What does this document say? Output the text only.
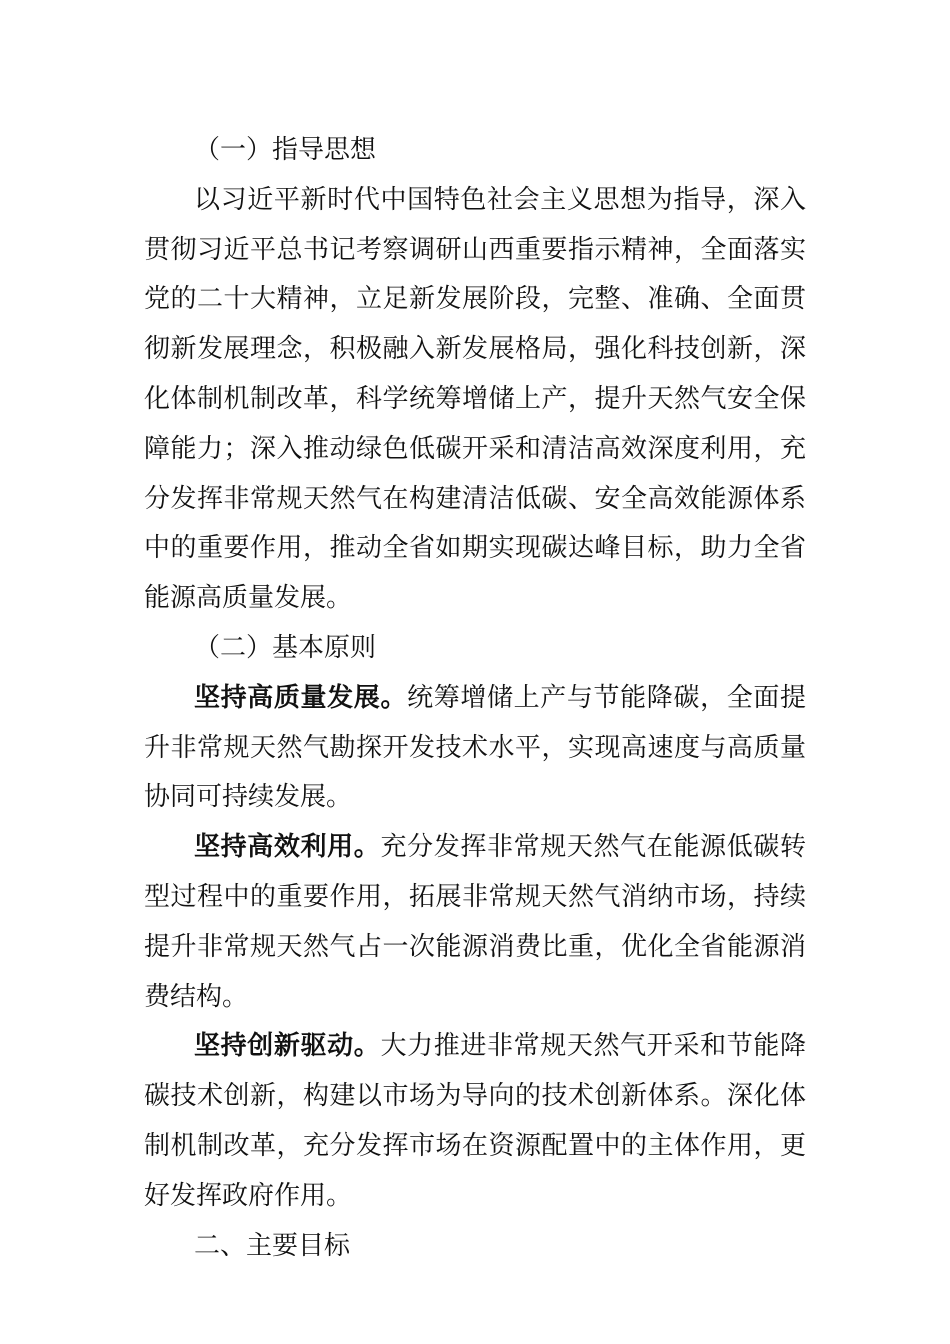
（一）指导思想

以习近平新时代中国特色社会主义思想为指导，深入贯彻习近平总书记考察调研山西重要指示精神，全面落实党的二十大精神，立足新发展阶段，完整、准确、全面贯彻新发展理念，积极融入新发展格局，强化科技创新，深化体制机制改革，科学统筹增储上产，提升天然气安全保障能力；深入推动绿色低碳开采和清洁高效深度利用，充分发挥非常规天然气在构建清洁低碳、安全高效能源体系中的重要作用，推动全省如期实现碳达峰目标，助力全省能源高质量发展。

（二）基本原则

坚持高质量发展。统筹增储上产与节能降碳，全面提升非常规天然气勘探开发技术水平，实现高速度与高质量协同可持续发展。

坚持高效利用。充分发挥非常规天然气在能源低碳转型过程中的重要作用，拓展非常规天然气消纳市场，持续提升非常规天然气占一次能源消费比重，优化全省能源消费结构。

坚持创新驱动。大力推进非常规天然气开采和节能降碳技术创新，构建以市场为导向的技术创新体系。深化体制机制改革，充分发挥市场在资源配置中的主体作用，更好发挥政府作用。

二、主要目标
